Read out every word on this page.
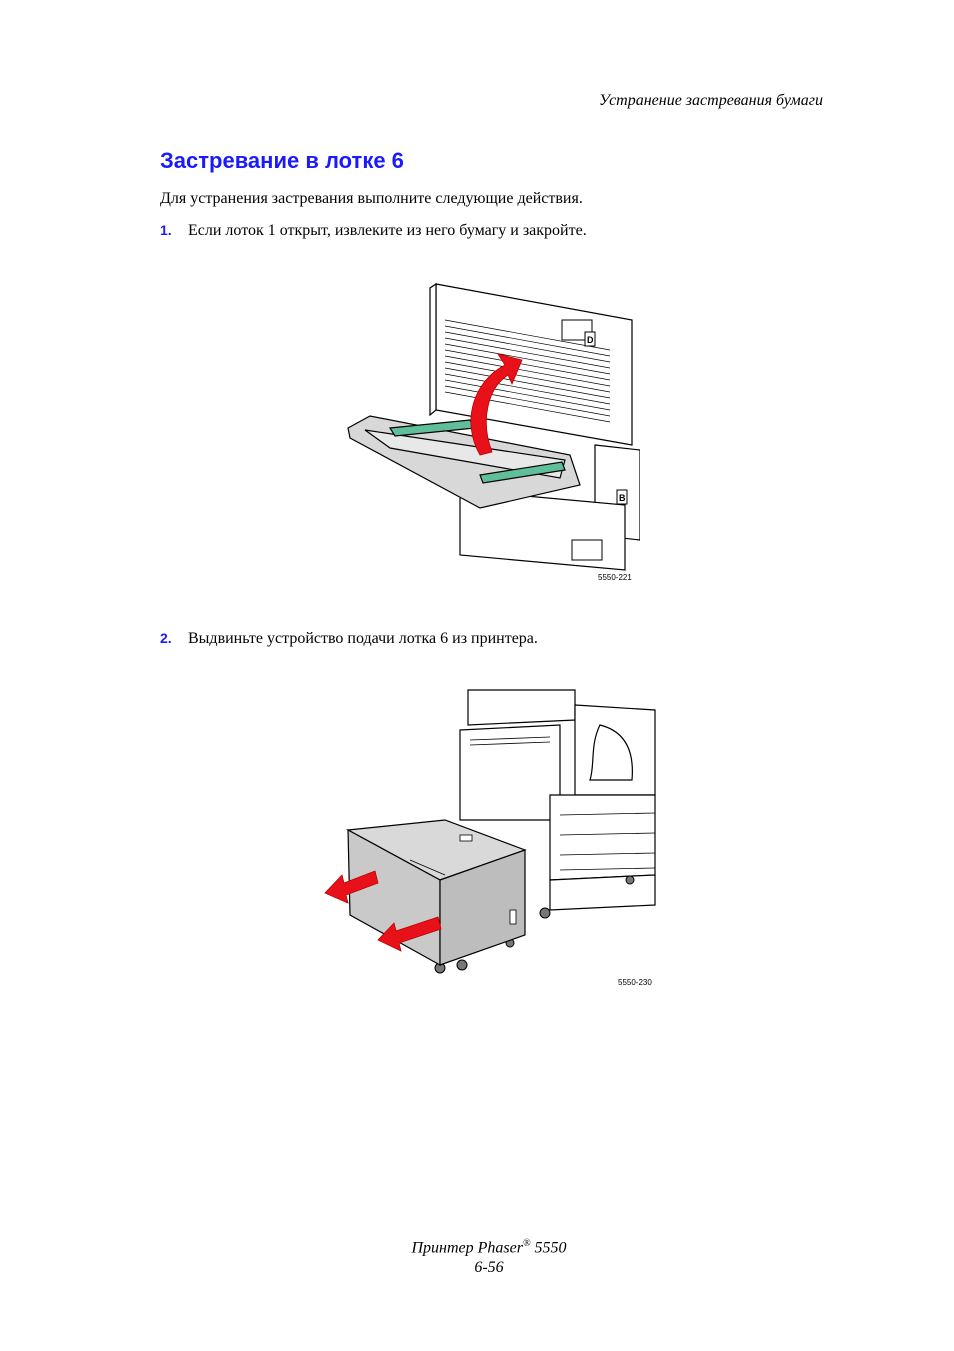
Устранение застревания бумаги
Застревание в лотке 6
Для устранения застревания выполните следующие действия.
1. Если лоток 1 открыт, извлеките из него бумагу и закройте.
D
B
5550-221
2. Выдвиньте устройство подачи лотка 6 из принтера.
5550-230
Принтер Phaser® 5550
6-56
